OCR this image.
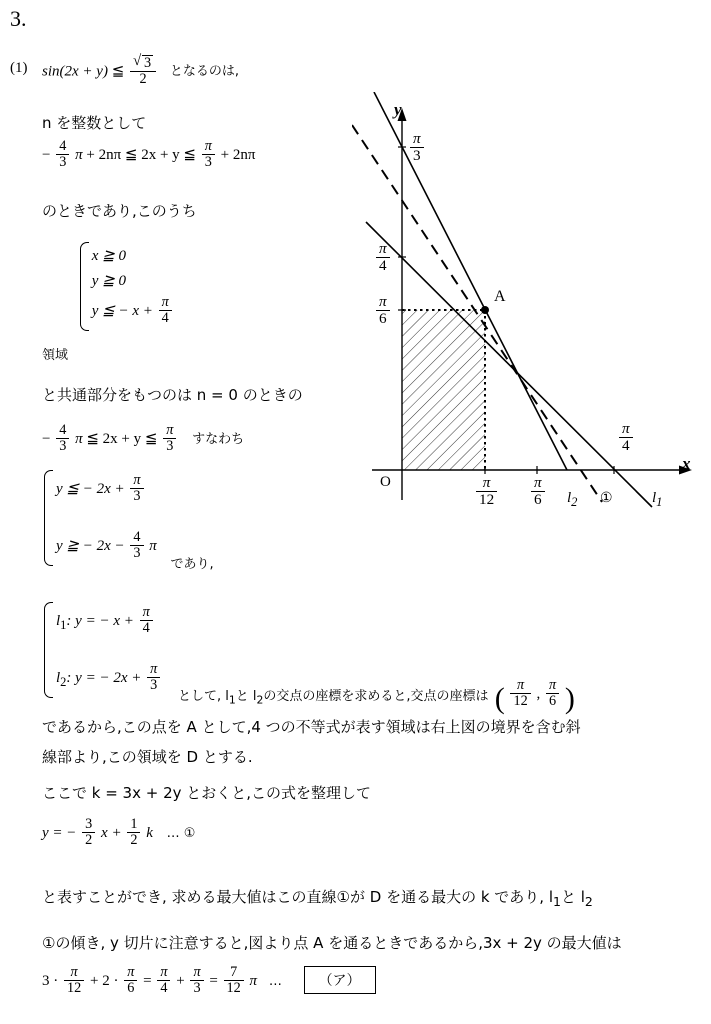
3.
(1) sin(2x + y) ≦ √ $\frac{3}{2}$ となるのは,
n を整数として
− $\frac{4}{3}$ π + 2nπ ≦ 2x + y ≦ $\frac{\pi}{3} + 2n\pi$
のときであり,このうち
領域
x ≧ 0
y ≧ 0
y ≦ − $x + \frac{\pi}{4}$
と共通部分をもつのは n = 0 のときの
− $\frac{4}{3}$ π ≦ 2x + y ≦ $\frac{\pi}{3}$ すなわち
y ≦ − $2x + \frac{\pi}{3}$
y ≧ − $2x - \frac{4}{3}$ π
であり,
$l_1$: y = − $x + \frac{\pi}{4}$
$l_2$: y = − $2x + \frac{\pi}{3}$
として, $l_1$と $l_2$の交点の座標を求めると,交点の座標は ( $\frac{\pi}{12}$ , $\frac{\pi}{6}$ )
であるから,この点を A として,4 つの不等式が表す領域は右上図の境界を含む斜
線部より,この領域を D とする.
ここで k = 3x + 2y とおくと,この式を整理して
y = − $\frac{3}{2}$ $x + \frac{1}{2}$ k … ①
と表すことができ, 求める最大値はこの直線①が D を通る最大の k であり, $l_1$と $l_2$
①の傾き, y 切片に注意すると,図より点 A を通るときであるから,3x + 2y の最大値は
$3 \cdot \frac{\pi}{12} + 2 \cdot \frac{\pi}{6} = \frac{\pi}{4} + \frac{\pi}{3} = \frac{7}{12}$ π …	（ア）
y
x
O
A
$\frac{\pi}{3}$
$\frac{\pi}{4}$
$\frac{\pi}{6}$
$\frac{\pi}{12} \frac{\pi}{6}$
$\frac{\pi}{4}$
$l_2$ ①	$l_1$
